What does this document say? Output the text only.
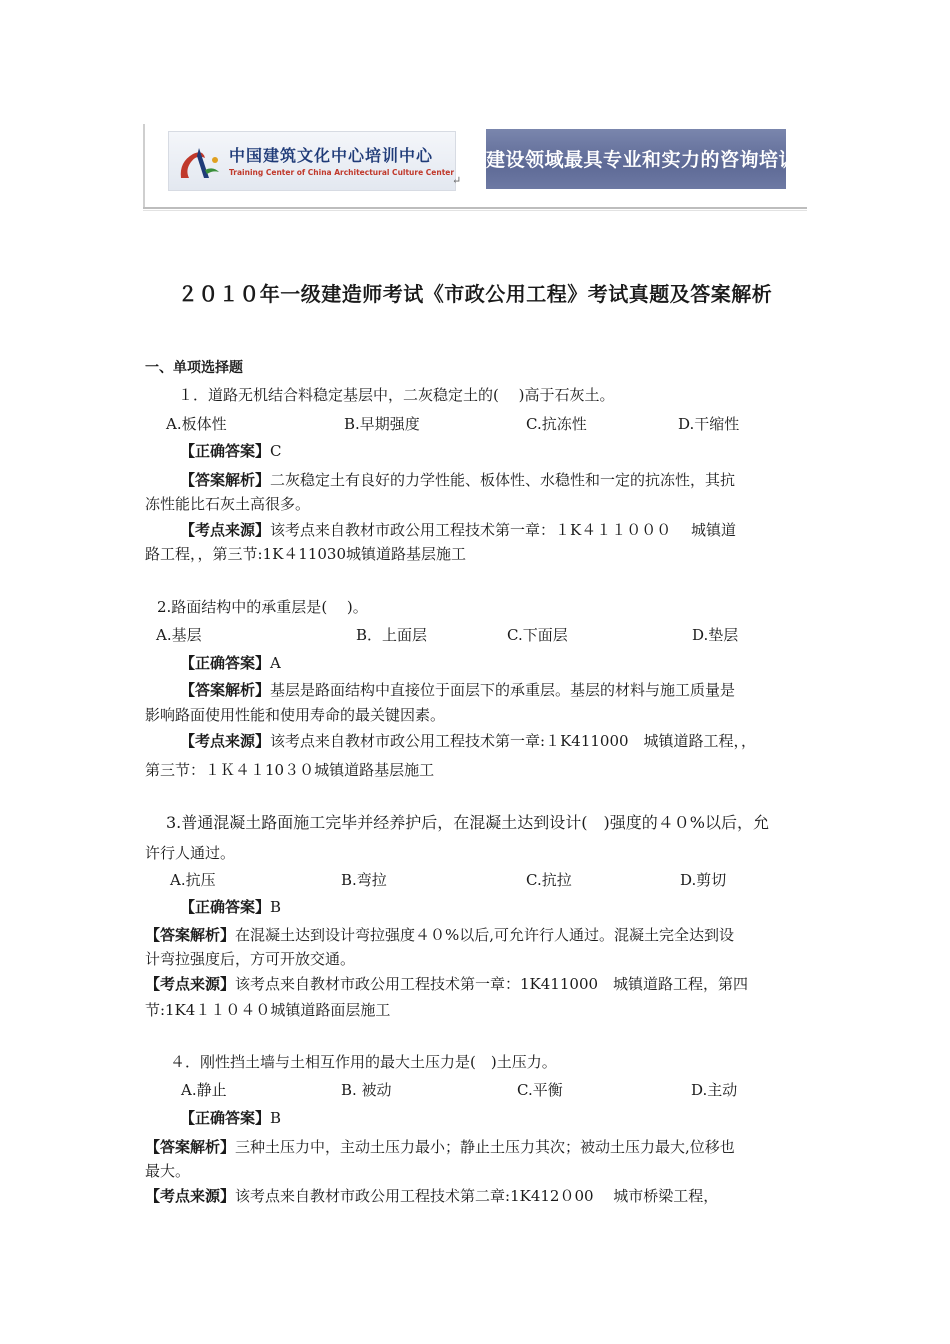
中国建筑文化中心培训中心
Training Center of China Architectural Culture Center
↵
建设领域最具专业和实力的咨询培训机构
２０１０年一级建造师考试《市政公用工程》考试真题及答案解析
一、单项选择题
１．道路无机结合料稳定基层中，二灰稳定土的(　 )高于石灰土。
A.板体性	B.早期强度	C.抗冻性	D.干缩性
【正确答案】C
【答案解析】二灰稳定土有良好的力学性能、板体性、水稳性和一定的抗冻性，其抗
冻性能比石灰土高很多。
【考点来源】该考点来自教材市政公用工程技术第一章：１K４１１０００　 城镇道
路工程，，第三节:1K４11030城镇道路基层施工
2.路面结构中的承重层是(　 )。
A.基层	B．上面层	C.下面层	D.垫层
【正确答案】A
【答案解析】基层是路面结构中直接位于面层下的承重层。基层的材料与施工质量是
影响路面使用性能和使用寿命的最关键因素。
【考点来源】该考点来自教材市政公用工程技术第一章:１K411000　城镇道路工程，，
第三节：１Ｋ４１10３０城镇道路基层施工
3.普通混凝土路面施工完毕并经养护后，在混凝土达到设计(　)强度的４０%以后，允
许行人通过。
A.抗压	B.弯拉	C.抗拉	D.剪切
【正确答案】B
【答案解析】在混凝土达到设计弯拉强度４０%以后,可允许行人通过。混凝土完全达到设
计弯拉强度后，方可开放交通。
【考点来源】该考点来自教材市政公用工程技术第一章：1K411000　城镇道路工程，第四
节:1K4１１０４０城镇道路面层施工
４．刚性挡土墙与土相互作用的最大土压力是(　)土压力。
A.静止	B. 被动	C.平衡	D.主动
【正确答案】B
【答案解析】三种土压力中，主动土压力最小；静止土压力其次；被动土压力最大,位移也
最大。
【考点来源】该考点来自教材市政公用工程技术第二章:1K412０00　 城市桥梁工程，
